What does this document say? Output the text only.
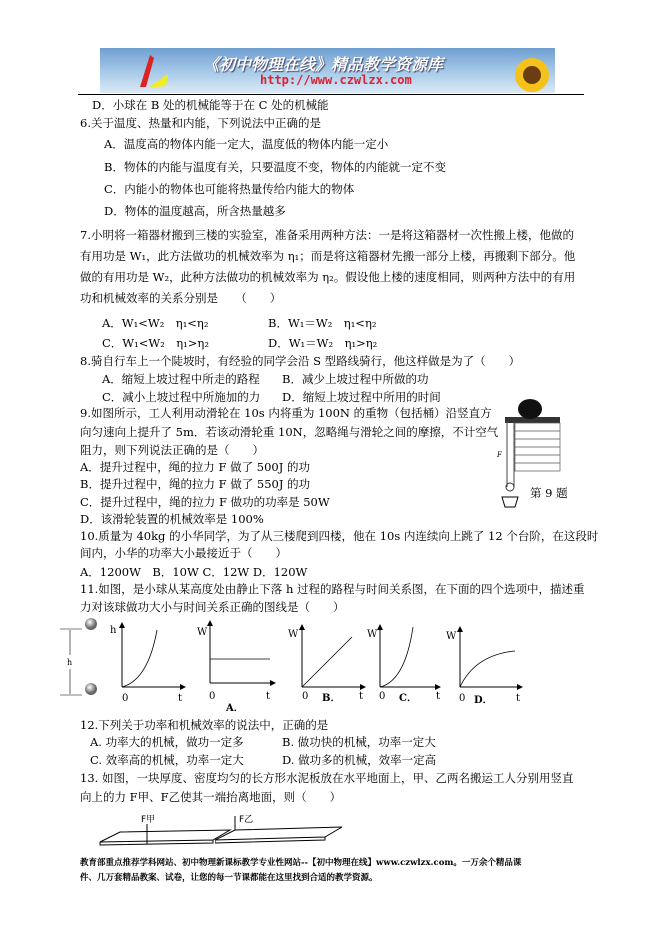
《初中物理在线》精品教学资源库
http://www.czwlzx.com
D．小球在 B 处的机械能等于在 C 处的机械能
6.关于温度、热量和内能，下列说法中正确的是
A．温度高的物体内能一定大，温度低的物体内能一定小
B．物体的内能与温度有关，只要温度不变，物体的内能就一定不变
C．内能小的物体也可能将热量传给内能大的物体
D．物体的温度越高，所含热量越多
7.小明将一箱器材搬到三楼的实验室，准备采用两种方法：一是将这箱器材一次性搬上楼，他做的
有用功是 W₁，此方法做功的机械效率为 η₁；而是将这箱器材先搬一部分上楼，再搬剩下部分。他
做的有用功是 W₂，此种方法做功的机械效率为 η₂。假设他上楼的速度相同，则两种方法中的有用
功和机械效率的关系分别是　　（　　）
A．W₁<W₂　η₁<η₂	B．W₁＝W₂　η₁<η₂
C．W₁<W₂　η₁>η₂	D．W₁＝W₂　η₁>η₂
8.骑自行车上一个陡坡时，有经验的同学会沿 S 型路线骑行，他这样做是为了（　　）
A．缩短上坡过程中所走的路程 B．减少上坡过程中所做的功
C．减小上坡过程中所施加的力 D．缩短上坡过程中所用的时间
9.如图所示，工人利用动滑轮在 10s 内将重为 100N 的重物（包括桶）沿竖直方
向匀速向上提升了 5m．若该动滑轮重 10N，忽略绳与滑轮之间的摩擦，不计空气
阻力，则下列说法正确的是（　　）
A．提升过程中，绳的拉力 F 做了 500J 的功
B．提升过程中，绳的拉力 F 做了 550J 的功
C．提升过程中，绳的拉力 F 做功的功率是 50W
D．该滑轮装置的机械效率是 100%
F
第 9 题
10.质量为 40kg 的小华同学，为了从三楼爬到四楼，他在 10s 内连续向上跳了 12 个台阶，在这段时
间内，小华的功率大小最接近于（　　）
A．1200W　B．10W C．12W D．120W
11.如图，是小球从某高度处由静止下落 h 过程的路程与时间关系图，在下面的四个选项中，描述重
力对该球做功大小与时间关系正确的图线是（　　）
h
h
0	t
W
0	t
A．
W
0	t
B．
W
0	t
C．
W
0	t
D．
12.下列关于功率和机械效率的说法中，正确的是
A. 功率大的机械，做功一定多	B. 做功快的机械，功率一定大
C. 效率高的机械，功率一定大	D. 做功多的机械，效率一定高
13. 如图，一块厚度、密度均匀的长方形水泥板放在水平地面上，甲、乙两名搬运工人分别用竖直
向上的力 F甲、F乙使其一端抬离地面，则（　　）
F甲	F乙
教育部重点推荐学科网站、初中物理新课标教学专业性网站--【初中物理在线】www.czwlzx.com。一万余个精品课
件、几万套精品教案、试卷，让您的每一节课都能在这里找到合适的教学资源。
